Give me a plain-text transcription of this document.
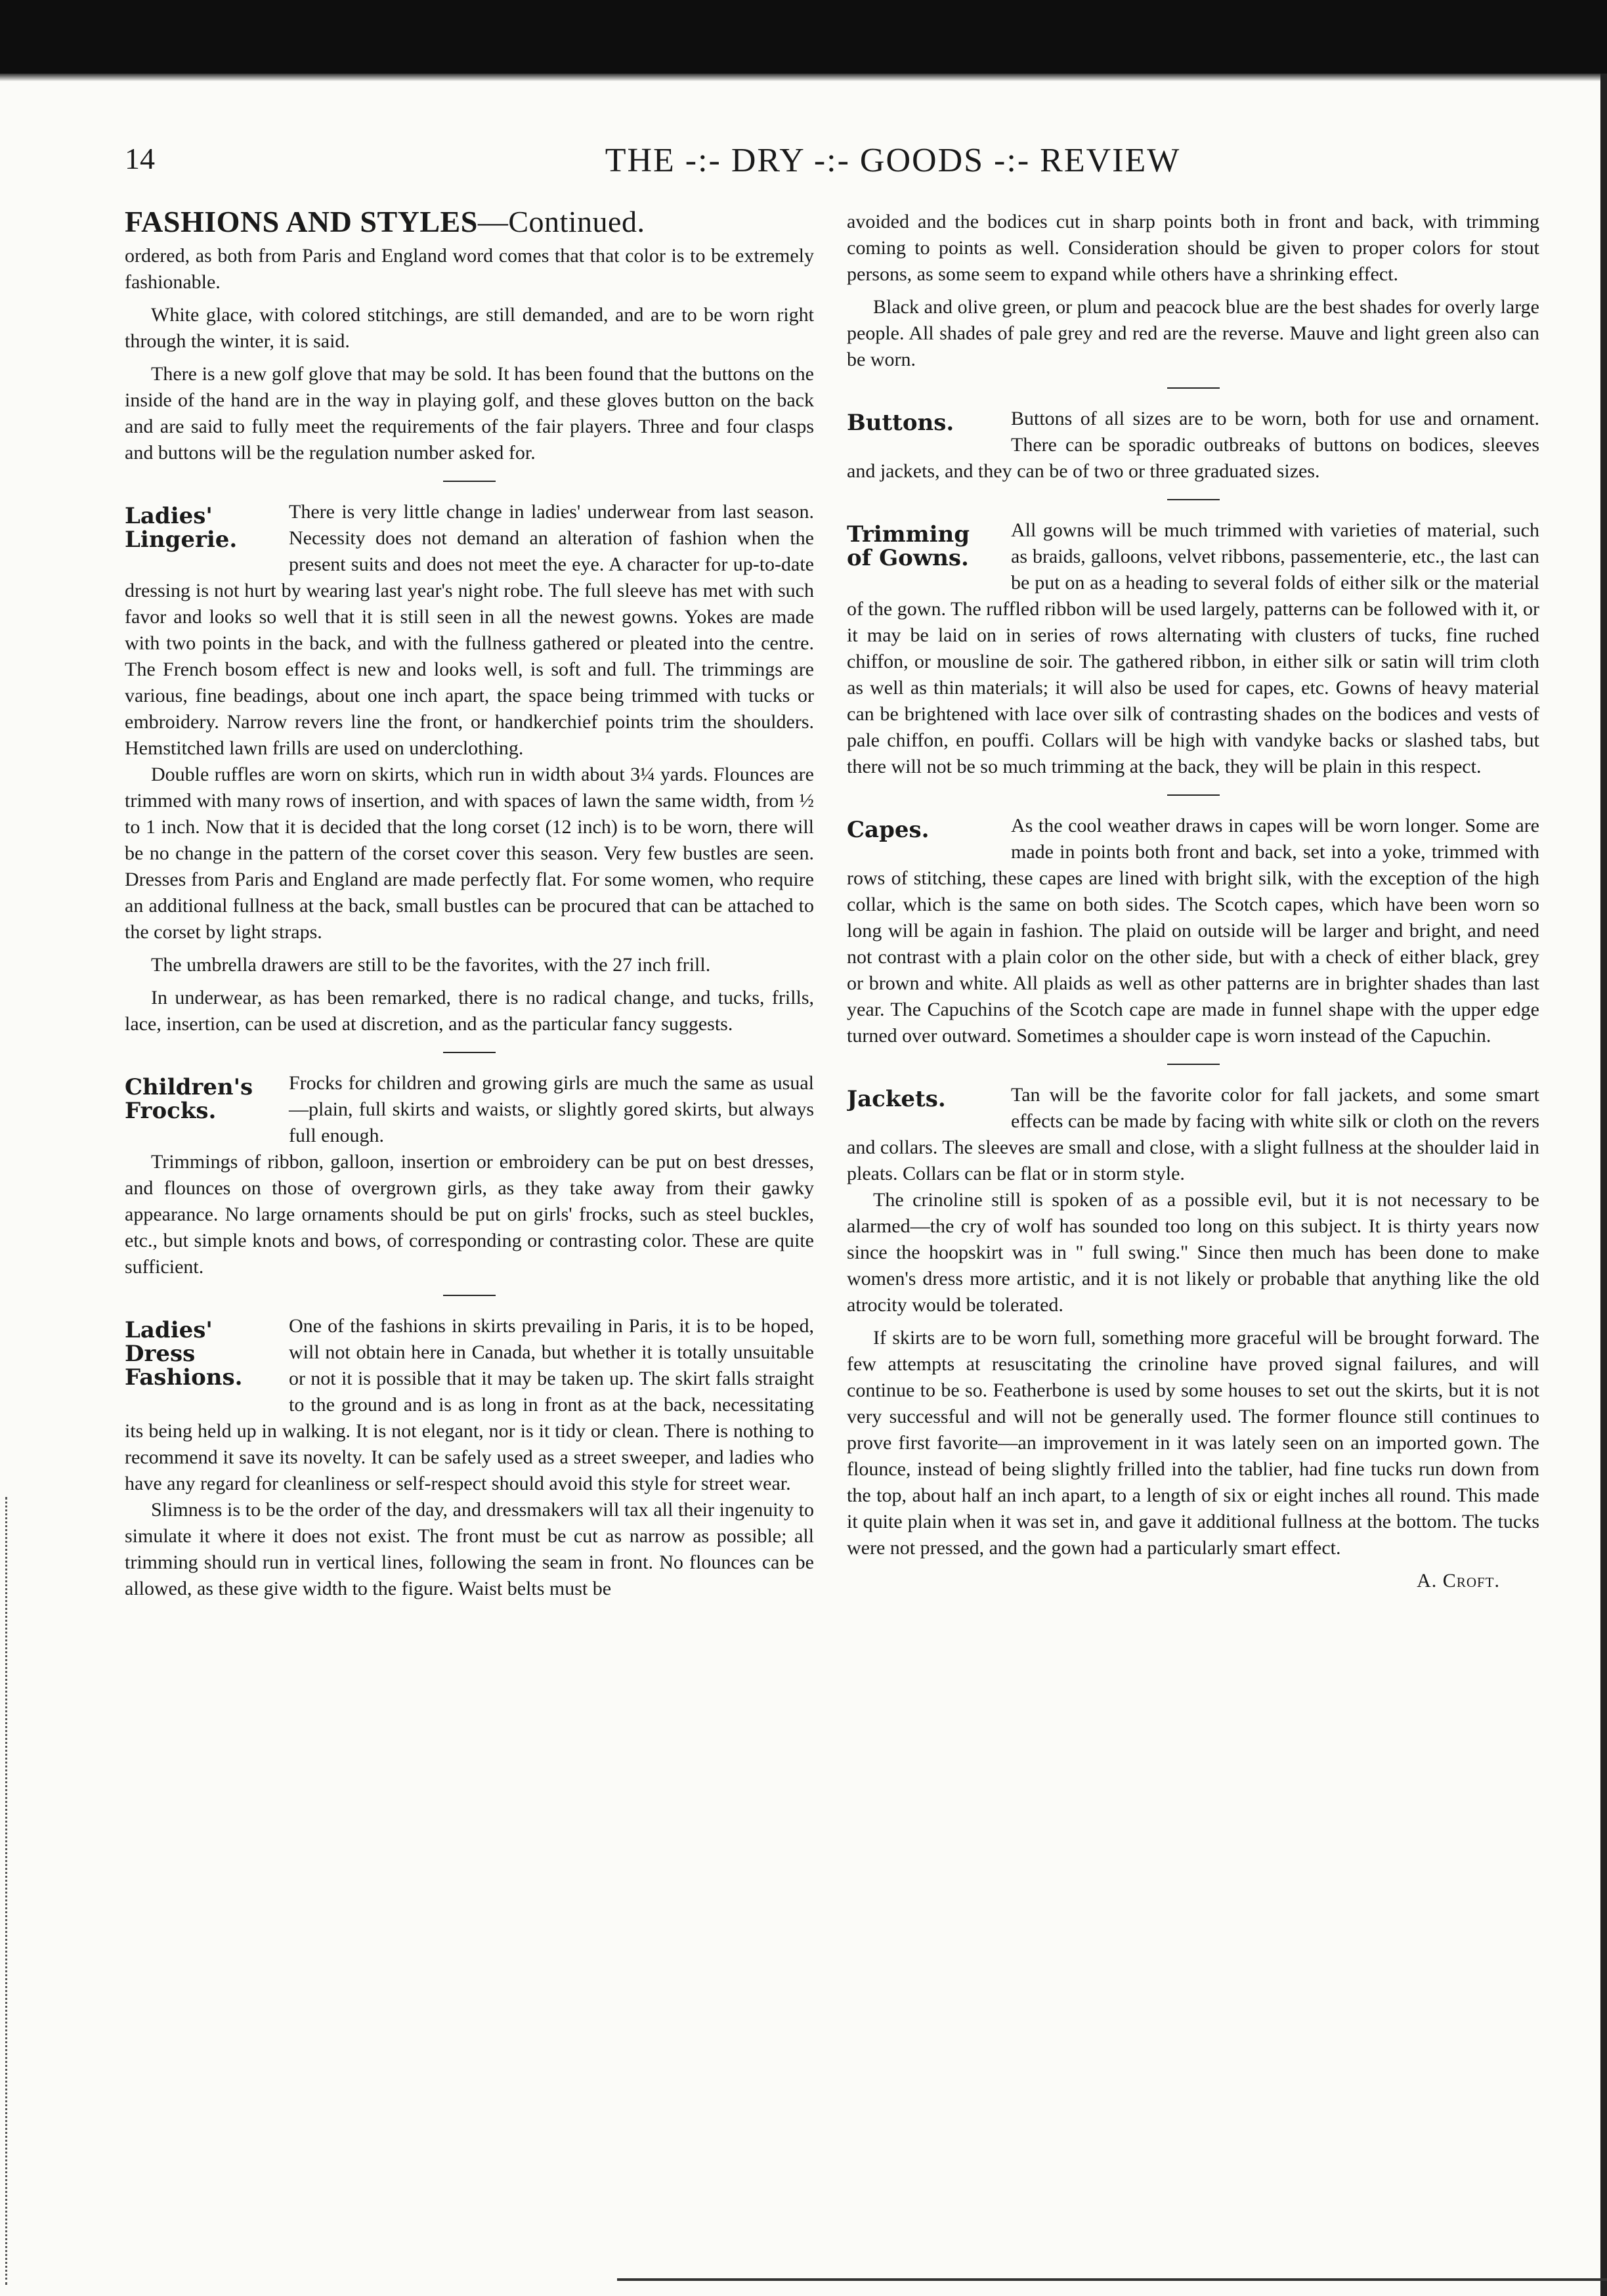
14	THE -:- DRY -:- GOODS -:- REVIEW
FASHIONS AND STYLES—Continued.

ordered, as both from Paris and England word comes that that color is to be extremely fashionable.

White glace, with colored stitchings, are still demanded, and are to be worn right through the winter, it is said.

There is a new golf glove that may be sold. It has been found that the buttons on the inside of the hand are in the way in playing golf, and these gloves button on the back and are said to fully meet the requirements of the fair players. Three and four clasps and buttons will be the regulation number asked for.

Ladies' Lingerie.

There is very little change in ladies' underwear from last season. Necessity does not demand an alteration of fashion when the present suits and does not meet the eye. A character for up-to-date dressing is not hurt by wearing last year's night robe. The full sleeve has met with such favor and looks so well that it is still seen in all the newest gowns. Yokes are made with two points in the back, and with the fullness gathered or pleated into the centre. The French bosom effect is new and looks well, is soft and full. The trimmings are various, fine beadings, about one inch apart, the space being trimmed with tucks or embroidery. Narrow revers line the front, or handkerchief points trim the shoulders. Hemstitched lawn frills are used on underclothing.

Double ruffles are worn on skirts, which run in width about 3¼ yards. Flounces are trimmed with many rows of insertion, and with spaces of lawn the same width, from ½ to 1 inch. Now that it is decided that the long corset (12 inch) is to be worn, there will be no change in the pattern of the corset cover this season. Very few bustles are seen. Dresses from Paris and England are made perfectly flat. For some women, who require an additional fullness at the back, small bustles can be procured that can be attached to the corset by light straps.

The umbrella drawers are still to be the favorites, with the 27 inch frill.

In underwear, as has been remarked, there is no radical change, and tucks, frills, lace, insertion, can be used at discretion, and as the particular fancy suggests.

Children's Frocks.

Frocks for children and growing girls are much the same as usual—plain, full skirts and waists, or slightly gored skirts, but always full enough.

Trimmings of ribbon, galloon, insertion or embroidery can be put on best dresses, and flounces on those of overgrown girls, as they take away from their gawky appearance. No large ornaments should be put on girls' frocks, such as steel buckles, etc., but simple knots and bows, of corresponding or contrasting color. These are quite sufficient.

Ladies' Dress Fashions.

One of the fashions in skirts prevailing in Paris, it is to be hoped, will not obtain here in Canada, but whether it is totally unsuitable or not it is possible that it may be taken up. The skirt falls straight to the ground and is as long in front as at the back, necessitating its being held up in walking. It is not elegant, nor is it tidy or clean. There is nothing to recommend it save its novelty. It can be safely used as a street sweeper, and ladies who have any regard for cleanliness or self-respect should avoid this style for street wear.

Slimness is to be the order of the day, and dressmakers will tax all their ingenuity to simulate it where it does not exist. The front must be cut as narrow as possible; all trimming should run in vertical lines, following the seam in front. No flounces can be allowed, as these give width to the figure. Waist belts must be

avoided and the bodices cut in sharp points both in front and back, with trimming coming to points as well. Consideration should be given to proper colors for stout persons, as some seem to expand while others have a shrinking effect.

Black and olive green, or plum and peacock blue are the best shades for overly large people. All shades of pale grey and red are the reverse. Mauve and light green also can be worn.

Buttons.	Buttons of all sizes are to be worn, both for use and ornament. There can be sporadic outbreaks of buttons on bodices, sleeves and jackets, and they can be of two or three graduated sizes.

Trimming of Gowns.

All gowns will be much trimmed with varieties of material, such as braids, galloons, velvet ribbons, passementerie, etc., the last can be put on as a heading to several folds of either silk or the material of the gown. The ruffled ribbon will be used largely, patterns can be followed with it, or it may be laid on in series of rows alternating with clusters of tucks, fine ruched chiffon, or mousline de soir. The gathered ribbon, in either silk or satin will trim cloth as well as thin materials; it will also be used for capes, etc. Gowns of heavy material can be brightened with lace over silk of contrasting shades on the bodices and vests of pale chiffon, en pouffi. Collars will be high with vandyke backs or slashed tabs, but there will not be so much trimming at the back, they will be plain in this respect.

Capes.	As the cool weather draws in capes will be worn longer. Some are made in points both front and back, set into a yoke, trimmed with rows of stitching, these capes are lined with bright silk, with the exception of the high collar, which is the same on both sides. The Scotch capes, which have been worn so long will be again in fashion. The plaid on outside will be larger and bright, and need not contrast with a plain color on the other side, but with a check of either black, grey or brown and white. All plaids as well as other patterns are in brighter shades than last year. The Capuchins of the Scotch cape are made in funnel shape with the upper edge turned over outward. Sometimes a shoulder cape is worn instead of the Capuchin.

Jackets.	Tan will be the favorite color for fall jackets, and some smart effects can be made by facing with white silk or cloth on the revers and collars. The sleeves are small and close, with a slight fullness at the shoulder laid in pleats. Collars can be flat or in storm style.

The crinoline still is spoken of as a possible evil, but it is not necessary to be alarmed—the cry of wolf has sounded too long on this subject. It is thirty years now since the hoopskirt was in " full swing." Since then much has been done to make women's dress more artistic, and it is not likely or probable that anything like the old atrocity would be tolerated.

If skirts are to be worn full, something more graceful will be brought forward. The few attempts at resuscitating the crinoline have proved signal failures, and will continue to be so. Featherbone is used by some houses to set out the skirts, but it is not very successful and will not be generally used. The former flounce still continues to prove first favorite—an improvement in it was lately seen on an imported gown. The flounce, instead of being slightly frilled into the tablier, had fine tucks run down from the top, about half an inch apart, to a length of six or eight inches all round. This made it quite plain when it was set in, and gave it additional fullness at the bottom. The tucks were not pressed, and the gown had a particularly smart effect.

A. Croft.
